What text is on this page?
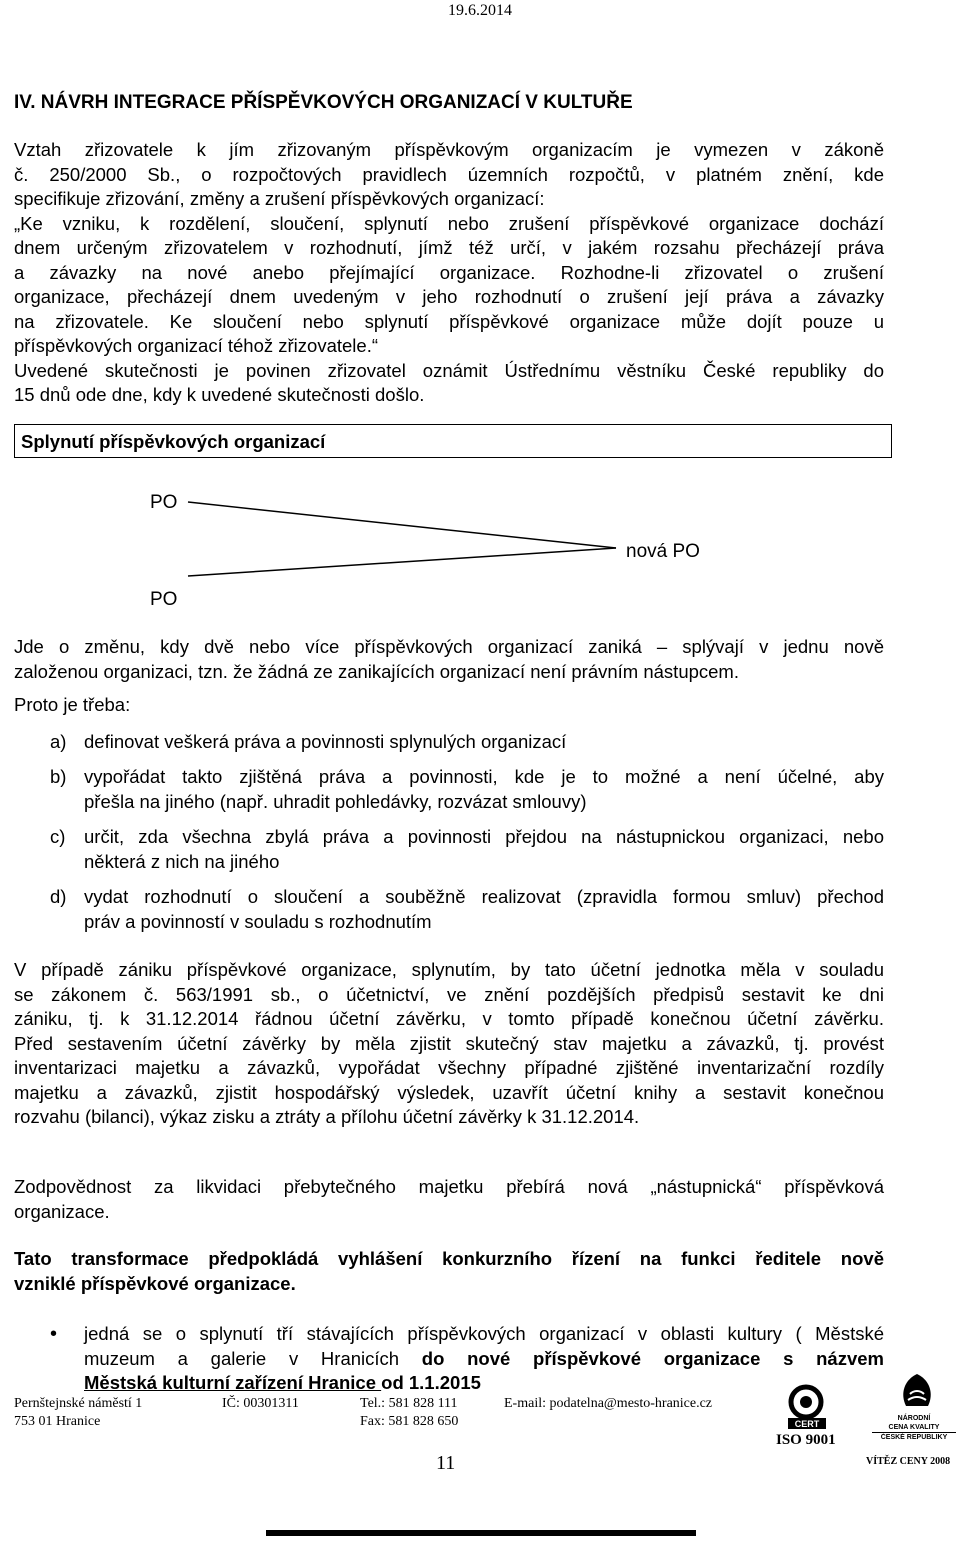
19.6.2014
IV. NÁVRH INTEGRACE PŘÍSPĚVKOVÝCH ORGANIZACÍ V KULTUŘE
Vztah zřizovatele k jím zřizovaným příspěvkovým organizacím je vymezen v zákoně
č. 250/2000 Sb., o rozpočtových pravidlech územních rozpočtů, v platném znění, kde
specifikuje zřizování, změny a zrušení příspěvkových organizací:
„Ke vzniku, k rozdělení, sloučení, splynutí nebo zrušení příspěvkové organizace dochází
dnem určeným zřizovatelem v rozhodnutí, jímž též určí, v jakém rozsahu přecházejí práva
a závazky na nové anebo přejímající organizace. Rozhodne-li zřizovatel o zrušení
organizace, přecházejí dnem uvedeným v jeho rozhodnutí o zrušení její práva a závazky
na zřizovatele. Ke sloučení nebo splynutí příspěvkové organizace může dojít pouze u
příspěvkových organizací téhož zřizovatele.“
Uvedené skutečnosti je povinen zřizovatel oznámit Ústřednímu věstníku České republiky do
15 dnů ode dne, kdy k uvedené skutečnosti došlo.
Splynutí příspěvkových organizací
PO
PO
nová PO
Jde o změnu, kdy dvě nebo více příspěvkových organizací zaniká – splývají v jednu nově
založenou organizaci, tzn. že žádná ze zanikajících organizací není právním nástupcem.
Proto je třeba:
a) definovat veškerá práva a povinnosti splynulých organizací
b) vypořádat takto zjištěná práva a povinnosti, kde je to možné a není účelné, aby
přešla na jiného (např. uhradit pohledávky, rozvázat smlouvy)
c) určit, zda všechna zbylá práva a povinnosti přejdou na nástupnickou organizaci, nebo
některá z nich na jiného
d) vydat rozhodnutí o sloučení a souběžně realizovat (zpravidla formou smluv) přechod
práv a povinností v souladu s rozhodnutím
V případě zániku příspěvkové organizace, splynutím, by tato účetní jednotka měla v souladu
se zákonem č. 563/1991 sb., o účetnictví, ve znění pozdějších předpisů sestavit ke dni
zániku, tj. k 31.12.2014 řádnou účetní závěrku, v tomto případě konečnou účetní závěrku.
Před sestavením účetní závěrky by měla zjistit skutečný stav majetku a závazků, tj. provést
inventarizaci majetku a závazků, vypořádat všechny případné zjištěné inventarizační rozdíly
majetku a závazků, zjistit hospodářský výsledek, uzavřít účetní knihy a sestavit konečnou
rozvahu (bilanci), výkaz zisku a ztráty a přílohu účetní závěrky k 31.12.2014.
Zodpovědnost za likvidaci přebytečného majetku přebírá nová „nástupnická“ příspěvková
organizace.
Tato transformace předpokládá vyhlášení konkurzního řízení na funkci ředitele nově
vzniklé příspěvkové organizace.
• jedná se o splynutí tří stávajících příspěvkových organizací v oblasti kultury ( Městské
muzeum a galerie v Hranicích do nové příspěvkové organizace s názvem
Městská kulturní zařízení Hranice od 1.1.2015
Pernštejnské náměstí 1
753 01 Hranice
IČ: 00301311	Tel.: 581 828 111
Fax: 581 828 650
E-mail: podatelna@mesto-hranice.cz
CERT
ISO 9001
NÁRODNÍ
CENA KVALITY
ČESKÉ REPUBLIKY
VÍTĚZ CENY 2008
11
